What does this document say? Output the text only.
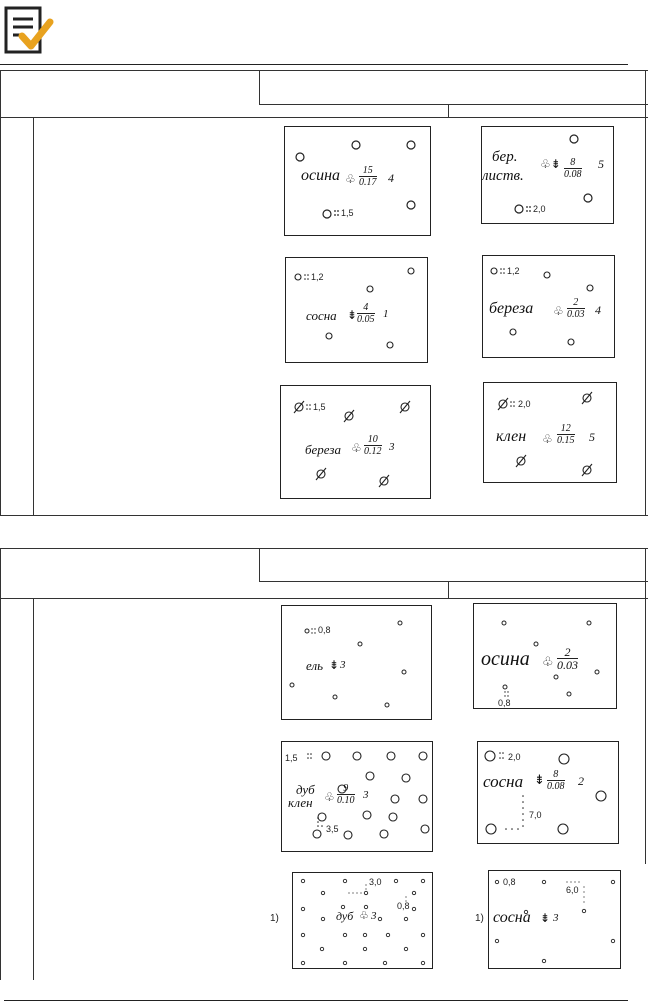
1,5
осина ♧ $\frac{15}{0.17} 4$
2,0
бер.
листв.
♧⇟ $\frac{8}{0.08} 5$
1,2
сосна ⇟ $\frac{4}{0.05} 1$
1,2
береза ♧ $\frac{2}{0.03} 4$
1,5
береза ♧ $\frac{10}{0.12} 3$
2,0
клен ♧ $\frac{12}{0.15} 5$
0,8
ель ⇟ 3
0,8
осина ♧ $\frac{2}{0.03}$
1,5
3,5
дуб
клен ♧ $\frac{9}{0.10} 3$
2,0
7,0
сосна ⇟ $\frac{8}{0.08} 2$
1)
3,0
0,8
дуб ♧ 3	1)
0,8
6,0
сосна ⇟ 3
